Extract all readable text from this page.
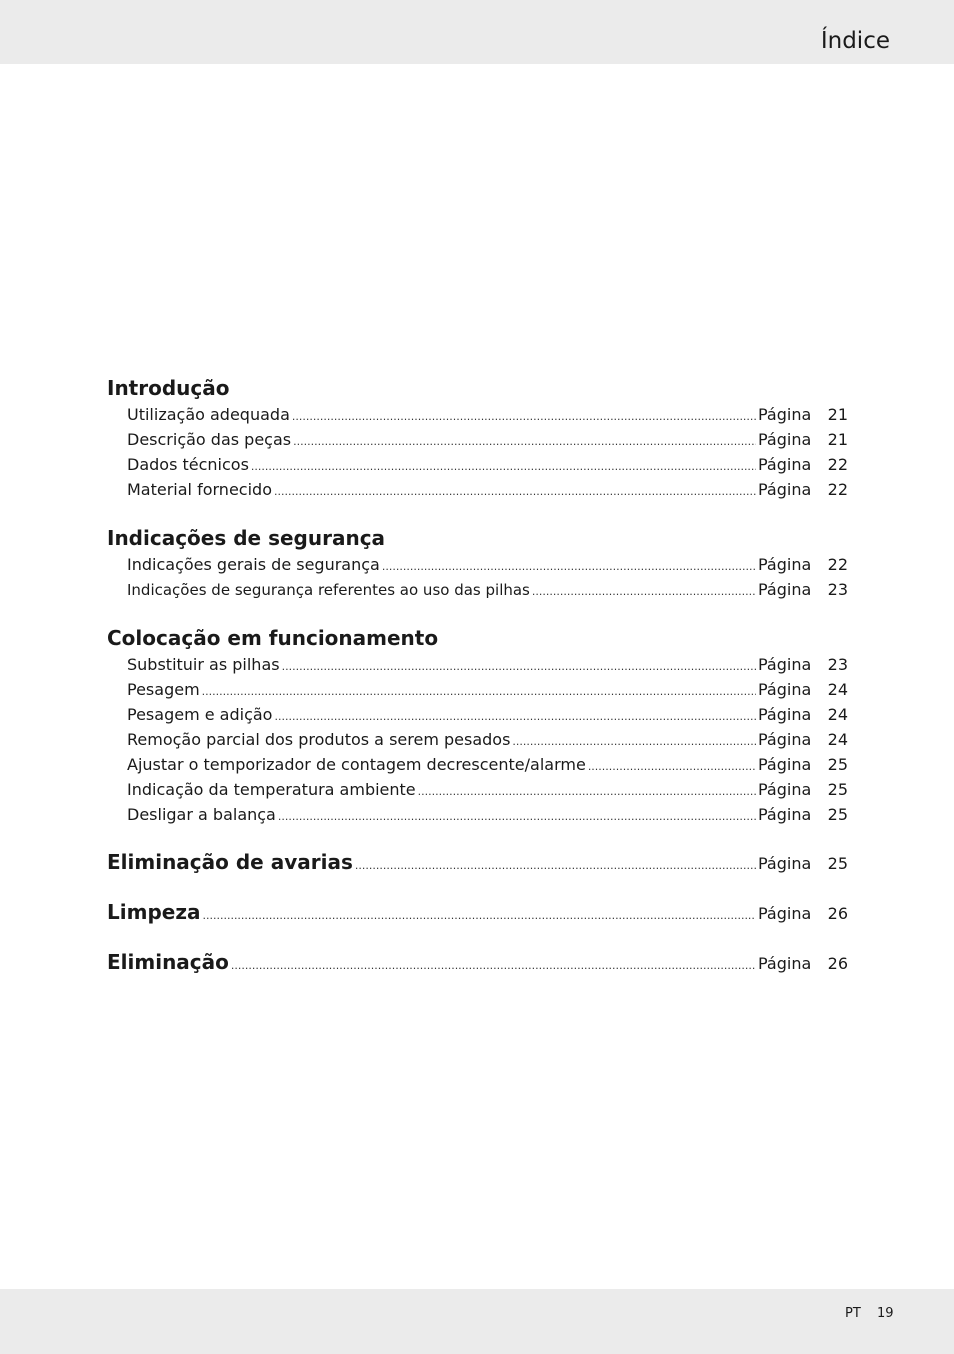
Índice
Introdução
Utilização adequada .....	Página	21
Descrição das peças .....	Página	21
Dados técnicos .....	Página	22
Material fornecido .....	Página	22
Indicações de segurança
Indicações gerais de segurança .....	Página	22
Indicações de segurança referentes ao uso das pilhas .....	Página	23
Colocação em funcionamento
Substituir as pilhas .....	Página	23
Pesagem .....	Página	24
Pesagem e adição .....	Página	24
Remoção parcial dos produtos a serem pesados .....	Página	24
Ajustar o temporizador de contagem decrescente/alarme .....	Página	25
Indicação da temperatura ambiente .....	Página	25
Desligar a balança .....	Página	25
Eliminação de avarias .....	Página	25
Limpeza .....	Página	26
Eliminação .....	Página	26
PT 19
